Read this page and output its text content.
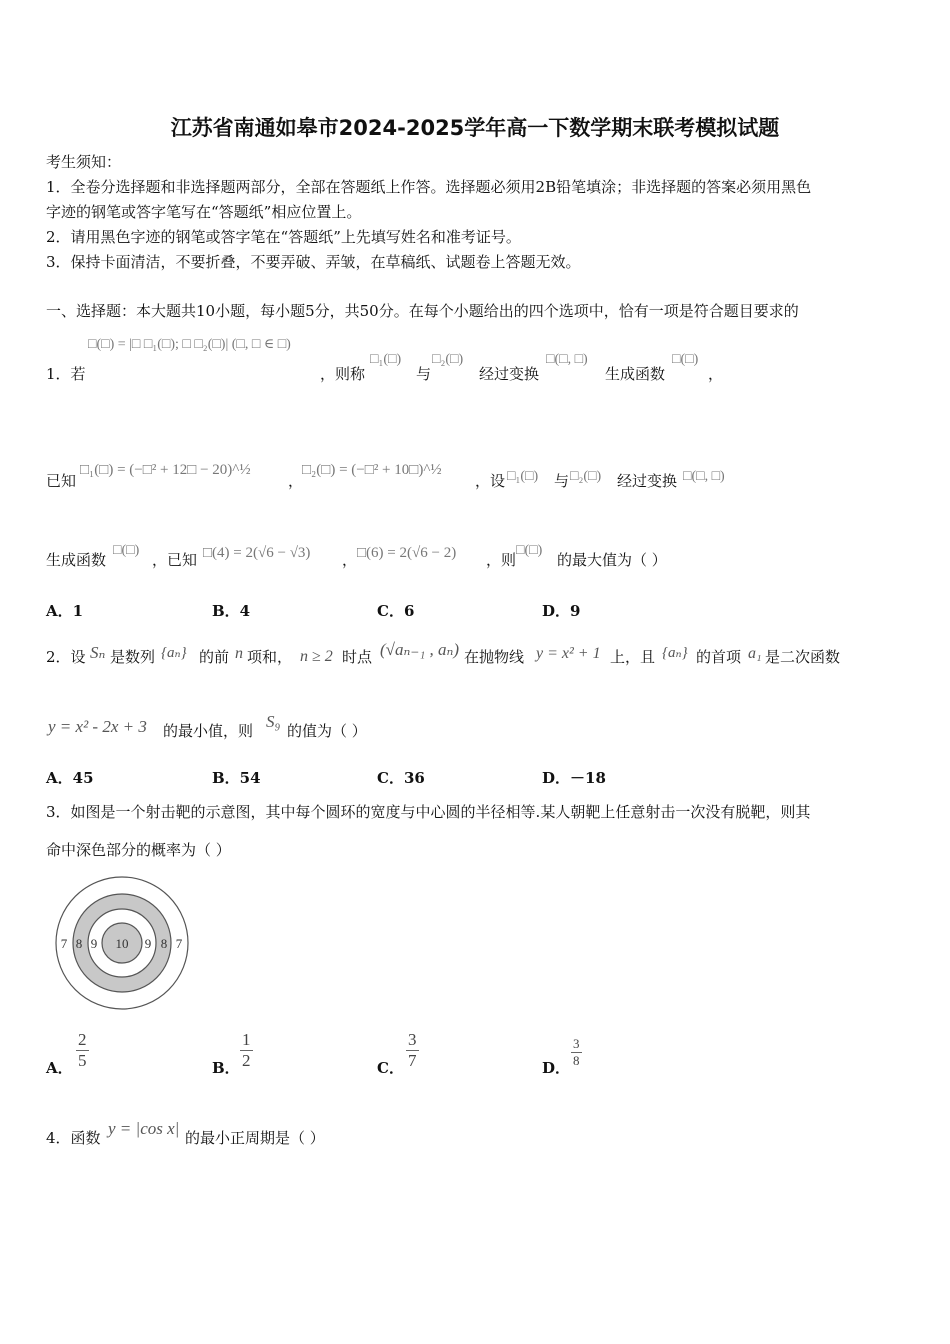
江苏省南通如皋市2024-2025学年高一下数学期末联考模拟试题
考生须知：
1．全卷分选择题和非选择题两部分，全部在答题纸上作答。选择题必须用2B铅笔填涂；非选择题的答案必须用黑色
字迹的钢笔或答字笔写在“答题纸”相应位置上。
2．请用黑色字迹的钢笔或答字笔在“答题纸”上先填写姓名和准考证号。
3．保持卡面清洁，不要折叠，不要弄破、弄皱，在草稿纸、试题卷上答题无效。
一、选择题：本大题共10小题，每小题5分，共50分。在每个小题给出的四个选项中，恰有一项是符合题目要求的
□(□) = |□ □₁(□); □ □₂(□)| (□, □ ∈ □)
1．若	，则称
□₁(□)
与
□₂(□)
经过变换
□(□, □)
生成函数
□(□)
，
已知
□₁(□) = (−□² + 12□ − 20)^½
，
□₂(□) = (−□² + 10□)^½
，设 □₁(□) 与 □₂(□) 经过变换 □(□, □)
生成函数
□(□)
，已知 □(4) = 2(√6 − √3) ， □(6) = 2(√6 − 2) ，则
□(□)
的最大值为（ ）
A．1	B．4	C．6	D．9
2．设 Sₙ 是数列 {aₙ} 的前 n 项和， n ≥ 2 时点 (√aₙ₋₁ , aₙ) 在抛物线 y = x² + 1 上，且 {aₙ} 的首项 a₁ 是二次函数
y = x² - 2x + 3 的最小值，则 S₉ 的值为（ ）
A．45	B．54	C．36	D．－18
3．如图是一个射击靶的示意图，其中每个圆环的宽度与中心圆的半径相等.某人朝靶上任意射击一次没有脱靶，则其
命中深色部分的概率为（ ）
7 8 9 10 9 8 7
A． $\frac{2}{5}$	B． $\frac{1}{2}$	C． $\frac{3}{7}$	D． $\frac{3}{8}$
4．函数 y = |cos x| 的最小正周期是（ ）
